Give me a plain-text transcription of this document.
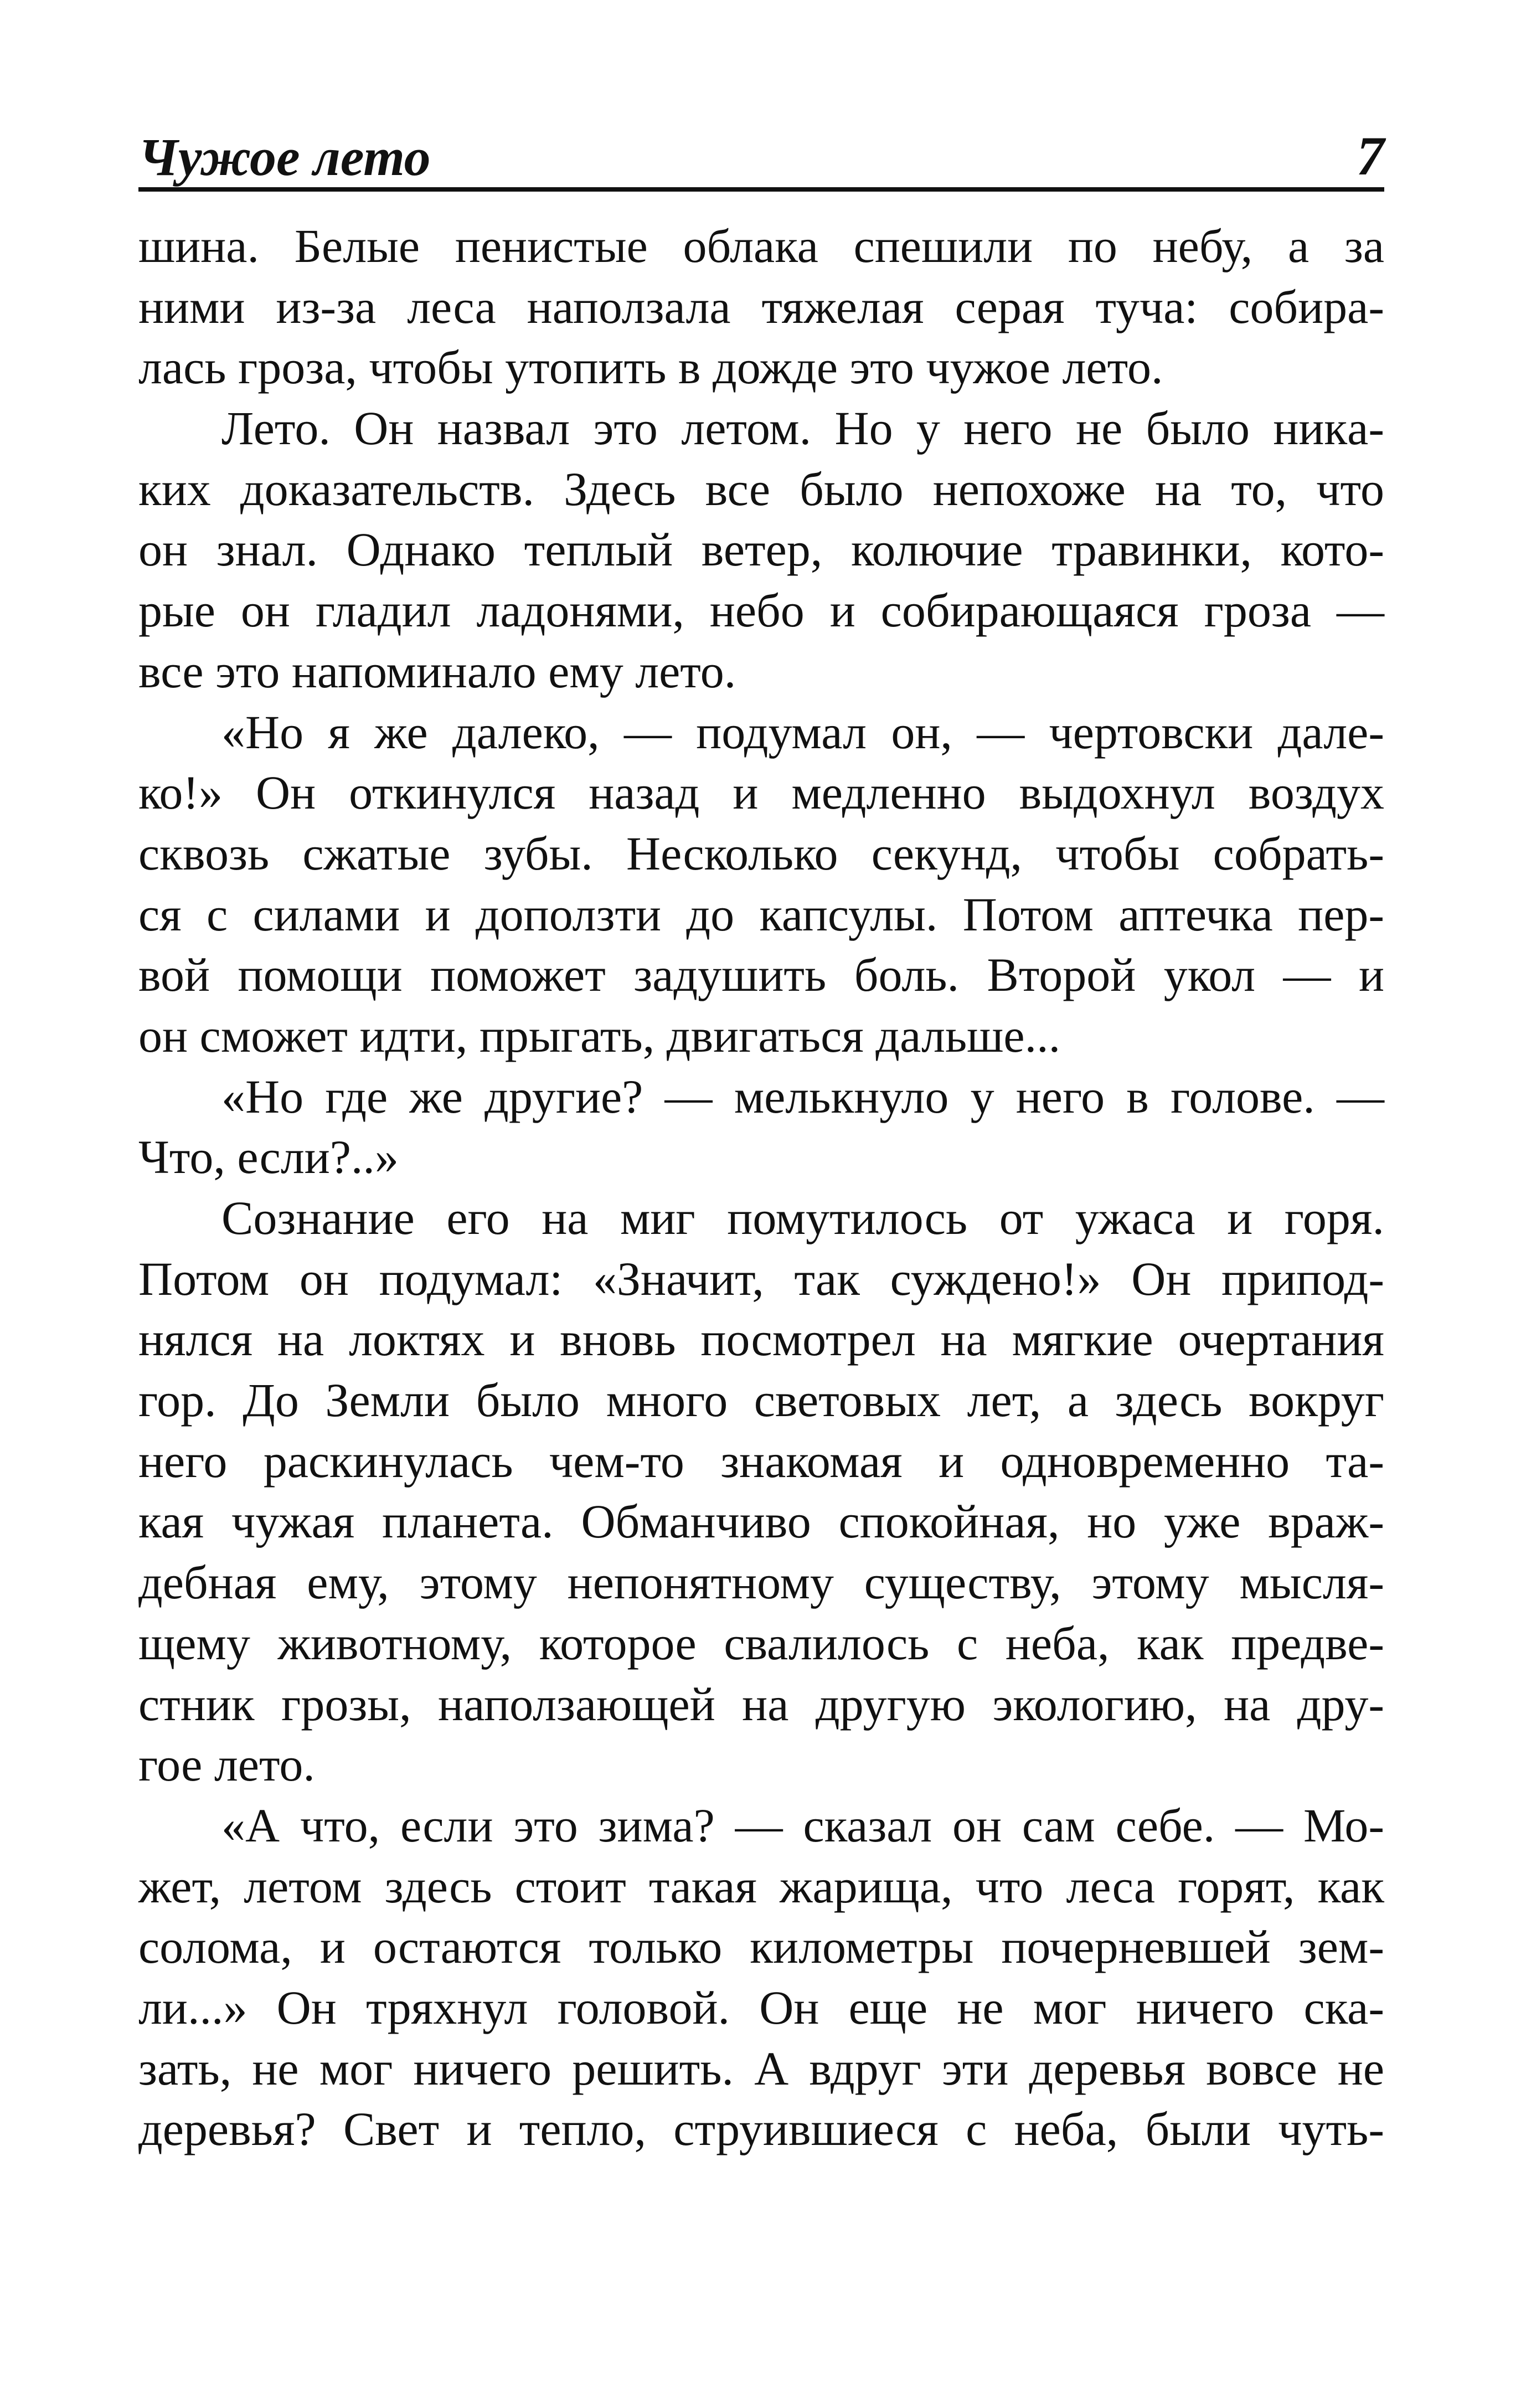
Чужое лето	7
шина. Белые пенистые облака спешили по небу, а за
ними из-за леса наползала тяжелая серая туча: собира-
лась гроза, чтобы утопить в дожде это чужое лето.
Лето. Он назвал это летом. Но у него не было никa-
ких доказательств. Здесь все было непохоже на то, что
он знал. Однако теплый ветер, колючие травинки, кото-
рые он гладил ладонями, небо и собирающаяся гроза —
все это напоминало ему лето.
«Но я же далеко, — подумал он, — чертовски дале-
ко!» Он откинулся назад и медленно выдохнул воздух
сквозь сжатые зубы. Несколько секунд, чтобы собрать-
ся с силами и доползти до капсулы. Потом аптечка пер-
вой помощи поможет задушить боль. Второй укол — и
он сможет идти, прыгать, двигаться дальше...
«Но где же другие? — мелькнуло у него в голове. —
Что, если?..»
Сознание его на миг помутилось от ужаса и горя.
Потом он подумал: «Значит, так суждено!» Он припод-
нялся на локтях и вновь посмотрел на мягкие очертания
гор. До Земли было много световых лет, а здесь вокруг
него раскинулась чем-то знакомая и одновременно та-
кая чужая планета. Обманчиво спокойная, но уже враж-
дебная ему, этому непонятному существу, этому мысля-
щему животному, которое свалилось с неба, как предве-
стник грозы, наползающей на другую экологию, на дру-
гое лето.
«А что, если это зима? — сказал он сам себе. — Мо-
жет, летом здесь стоит такая жарища, что леса горят, как
солома, и остаются только километры почерневшей зем-
ли...» Он тряхнул головой. Он еще не мог ничего ска-
зать, не мог ничего решить. А вдруг эти деревья вовсе не
деревья? Свет и тепло, струившиеся с неба, были чуть-
